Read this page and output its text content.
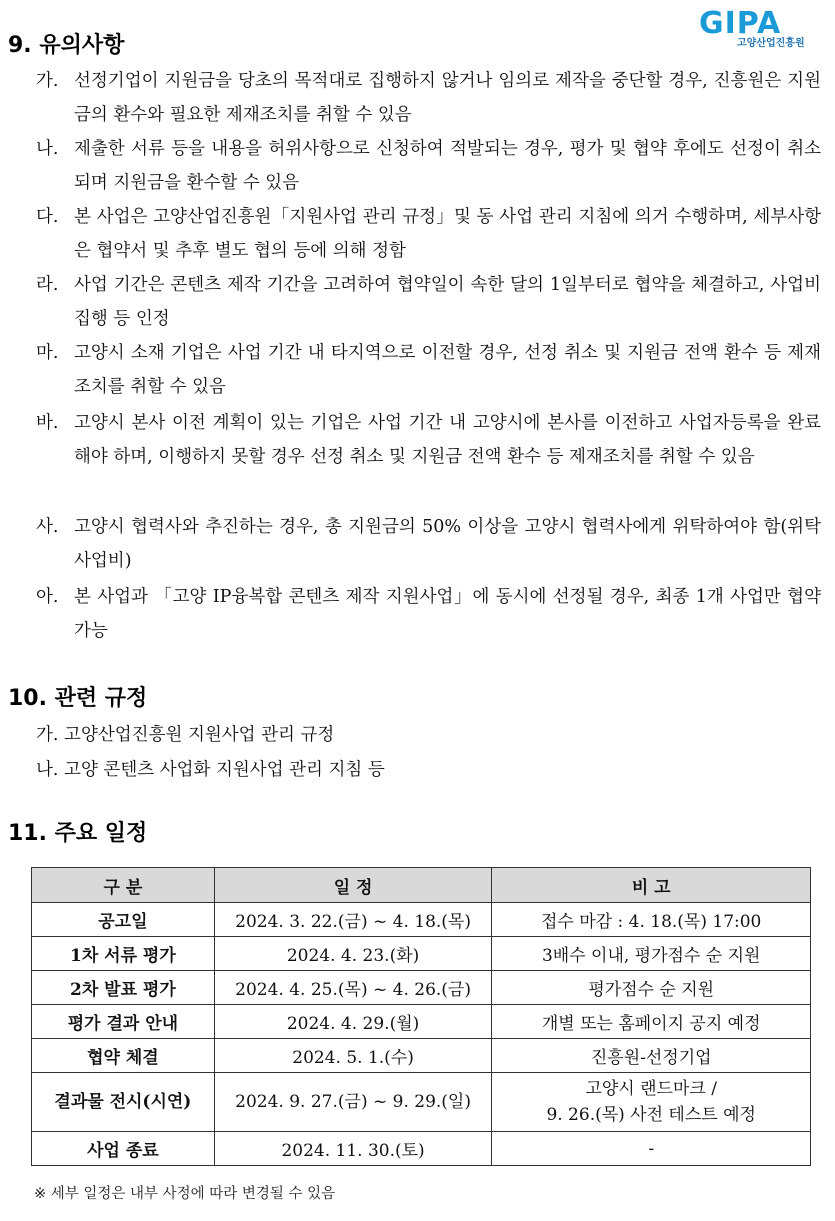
GIPA
고양산업진흥원
9. 유의사항
가. 선정기업이 지원금을 당초의 목적대로 집행하지 않거나 임의로 제작을 중단할 경우, 진흥원은 지원금의 환수와 필요한 제재조치를 취할 수 있음
나. 제출한 서류 등을 내용을 허위사항으로 신청하여 적발되는 경우, 평가 및 협약 후에도 선정이 취소되며 지원금을 환수할 수 있음
다. 본 사업은 고양산업진흥원「지원사업 관리 규정」및 동 사업 관리 지침에 의거 수행하며, 세부사항은 협약서 및 추후 별도 협의 등에 의해 정함
라. 사업 기간은 콘텐츠 제작 기간을 고려하여 협약일이 속한 달의 1일부터로 협약을 체결하고, 사업비 집행 등 인정
마. 고양시 소재 기업은 사업 기간 내 타지역으로 이전할 경우, 선정 취소 및 지원금 전액 환수 등 제재조치를 취할 수 있음
바. 고양시 본사 이전 계획이 있는 기업은 사업 기간 내 고양시에 본사를 이전하고 사업자등록을 완료해야 하며, 이행하지 못할 경우 선정 취소 및 지원금 전액 환수 등 제재조치를 취할 수 있음
사. 고양시 협력사와 추진하는 경우, 총 지원금의 50% 이상을 고양시 협력사에게 위탁하여야 함(위탁사업비)
아. 본 사업과 「고양 IP융복합 콘텐츠 제작 지원사업」에 동시에 선정될 경우, 최종 1개 사업만 협약 가능
10. 관련 규정
가. 고양산업진흥원 지원사업 관리 규정
나. 고양 콘텐츠 사업화 지원사업 관리 지침 등
11. 주요 일정
구 분	일 정	비 고
공고일	2024. 3. 22.(금) ~ 4. 18.(목)	접수 마감 : 4. 18.(목) 17:00
1차 서류 평가	2024. 4. 23.(화)	3배수 이내, 평가점수 순 지원
2차 발표 평가	2024. 4. 25.(목) ~ 4. 26.(금)	평가점수 순 지원
평가 결과 안내	2024. 4. 29.(월)	개별 또는 홈페이지 공지 예정
협약 체결	2024. 5. 1.(수)	진흥원-선정기업
결과물 전시(시연)	2024. 9. 27.(금) ~ 9. 29.(일)	고양시 랜드마크 /
9. 26.(목) 사전 테스트 예정

사업 종료	2024. 11. 30.(토)	-
※ 세부 일정은 내부 사정에 따라 변경될 수 있음
